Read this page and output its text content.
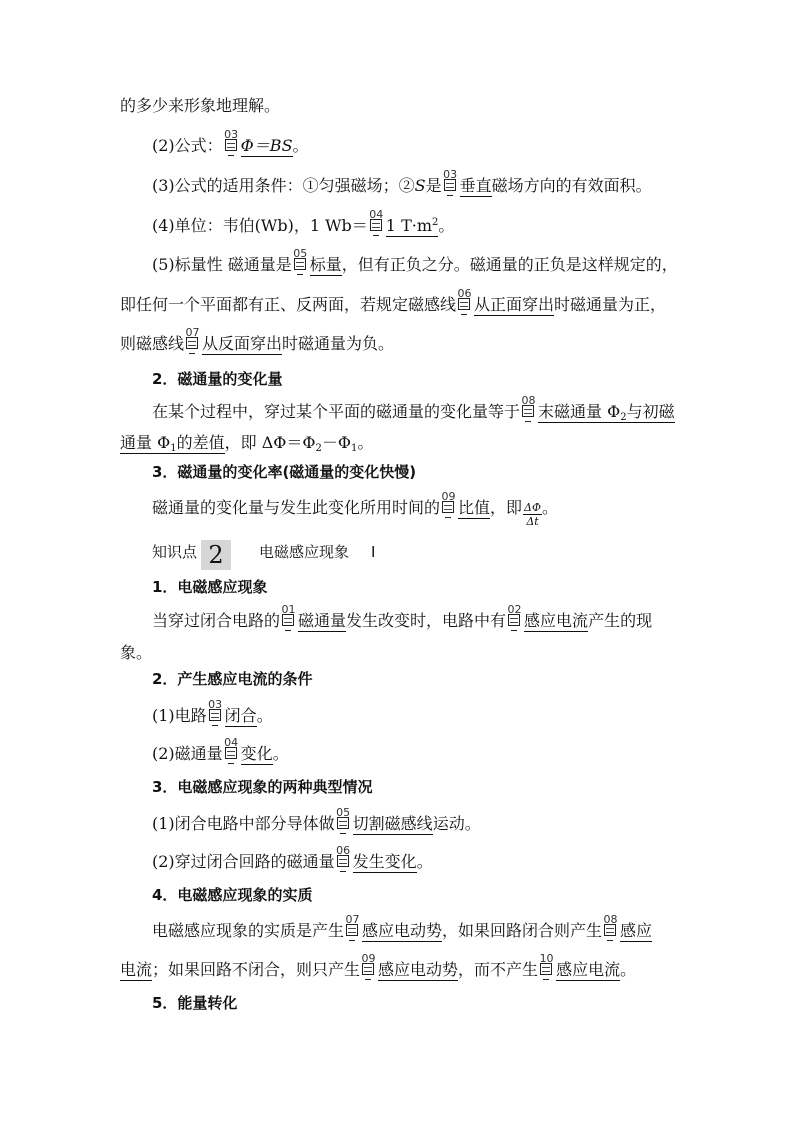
的多少来形象地理解。
(2)公式：
03
Φ＝BS。
(3)公式的适用条件：①匀强磁场；②S是
03
垂直磁场方向的有效面积。
(4)单位：韦伯(Wb)，1 Wb＝
04
1 $T\cdot m^2$。
(5)标量性 磁通量是
05
标量，但有正负之分。磁通量的正负是这样规定的，
即任何一个平面都有正、反两面，若规定磁感线
06
从正面穿出时磁通量为正，
则磁感线
07
从反面穿出时磁通量为负。
2．磁通量的变化量
在某个过程中，穿过某个平面的磁通量的变化量等于
08
末磁通量 $\Phi_2$与初磁
通量 $\Phi_1$的差值，即 $\Delta\Phi=\Phi_2-\Phi_1$。
3．磁通量的变化率(磁通量的变化快慢)
磁通量的变化量与发生此变化所用时间的
09
比值，即 $\frac{\Delta\Phi}{\Delta t}$ 。
知识点 2 电磁感应现象 Ⅰ
1．电磁感应现象
当穿过闭合电路的
01
磁通量发生改变时，电路中有
02
感应电流产生的现
象。
2．产生感应电流的条件
(1)电路
03
闭合。
(2)磁通量
04
变化。
3．电磁感应现象的两种典型情况
(1)闭合电路中部分导体做
05
切割磁感线运动。
(2)穿过闭合回路的磁通量
06
发生变化。
4．电磁感应现象的实质
电磁感应现象的实质是产生
07
感应电动势，如果回路闭合则产生
08
感应
电流；如果回路不闭合，则只产生
09
感应电动势，而不产生
10
感应电流。
5．能量转化
